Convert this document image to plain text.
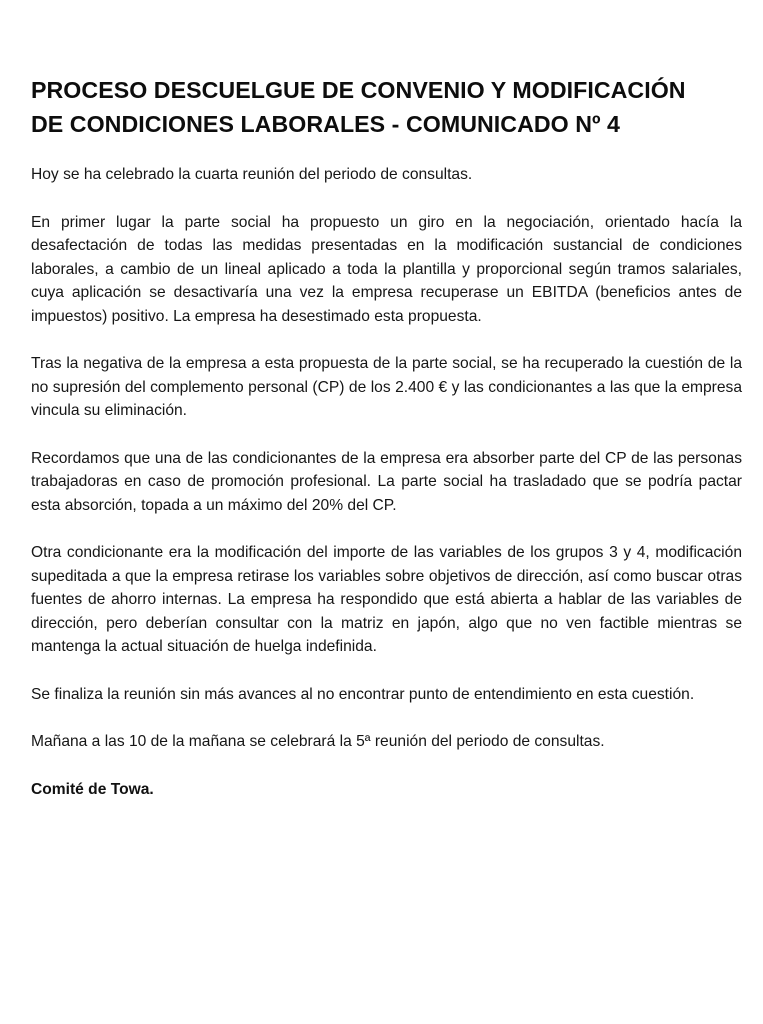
PROCESO DESCUELGUE DE CONVENIO Y MODIFICACIÓN
DE CONDICIONES LABORALES - COMUNICADO Nº 4

Hoy se ha celebrado la cuarta reunión del periodo de consultas.

En primer lugar la parte social ha propuesto un giro en la negociación, orientado hacía la desafectación de todas las medidas presentadas en la modificación sustancial de condiciones laborales, a cambio de un lineal aplicado a toda la plantilla y proporcional según tramos salariales, cuya aplicación se desactivaría una vez la empresa recuperase un EBITDA (beneficios antes de impuestos) positivo. La empresa ha desestimado esta propuesta.

Tras la negativa de la empresa a esta propuesta de la parte social, se ha recuperado la cuestión de la no supresión del complemento personal (CP) de los 2.400 € y las condicionantes a las que la empresa vincula su eliminación.

Recordamos que una de las condicionantes de la empresa era absorber parte del CP de las personas trabajadoras en caso de promoción profesional. La parte social ha trasladado que se podría pactar esta absorción, topada a un máximo del 20% del CP.

Otra condicionante era la modificación del importe de las variables de los grupos 3 y 4, modificación supeditada a que la empresa retirase los variables sobre objetivos de dirección, así como buscar otras fuentes de ahorro internas. La empresa ha respondido que está abierta a hablar de las variables de dirección, pero deberían consultar con la matriz en japón, algo que no ven factible mientras se mantenga la actual situación de huelga indefinida.

Se finaliza la reunión sin más avances al no encontrar punto de entendimiento en esta cuestión.

Mañana a las 10 de la mañana se celebrará la 5ª reunión del periodo de consultas.

Comité de Towa.
